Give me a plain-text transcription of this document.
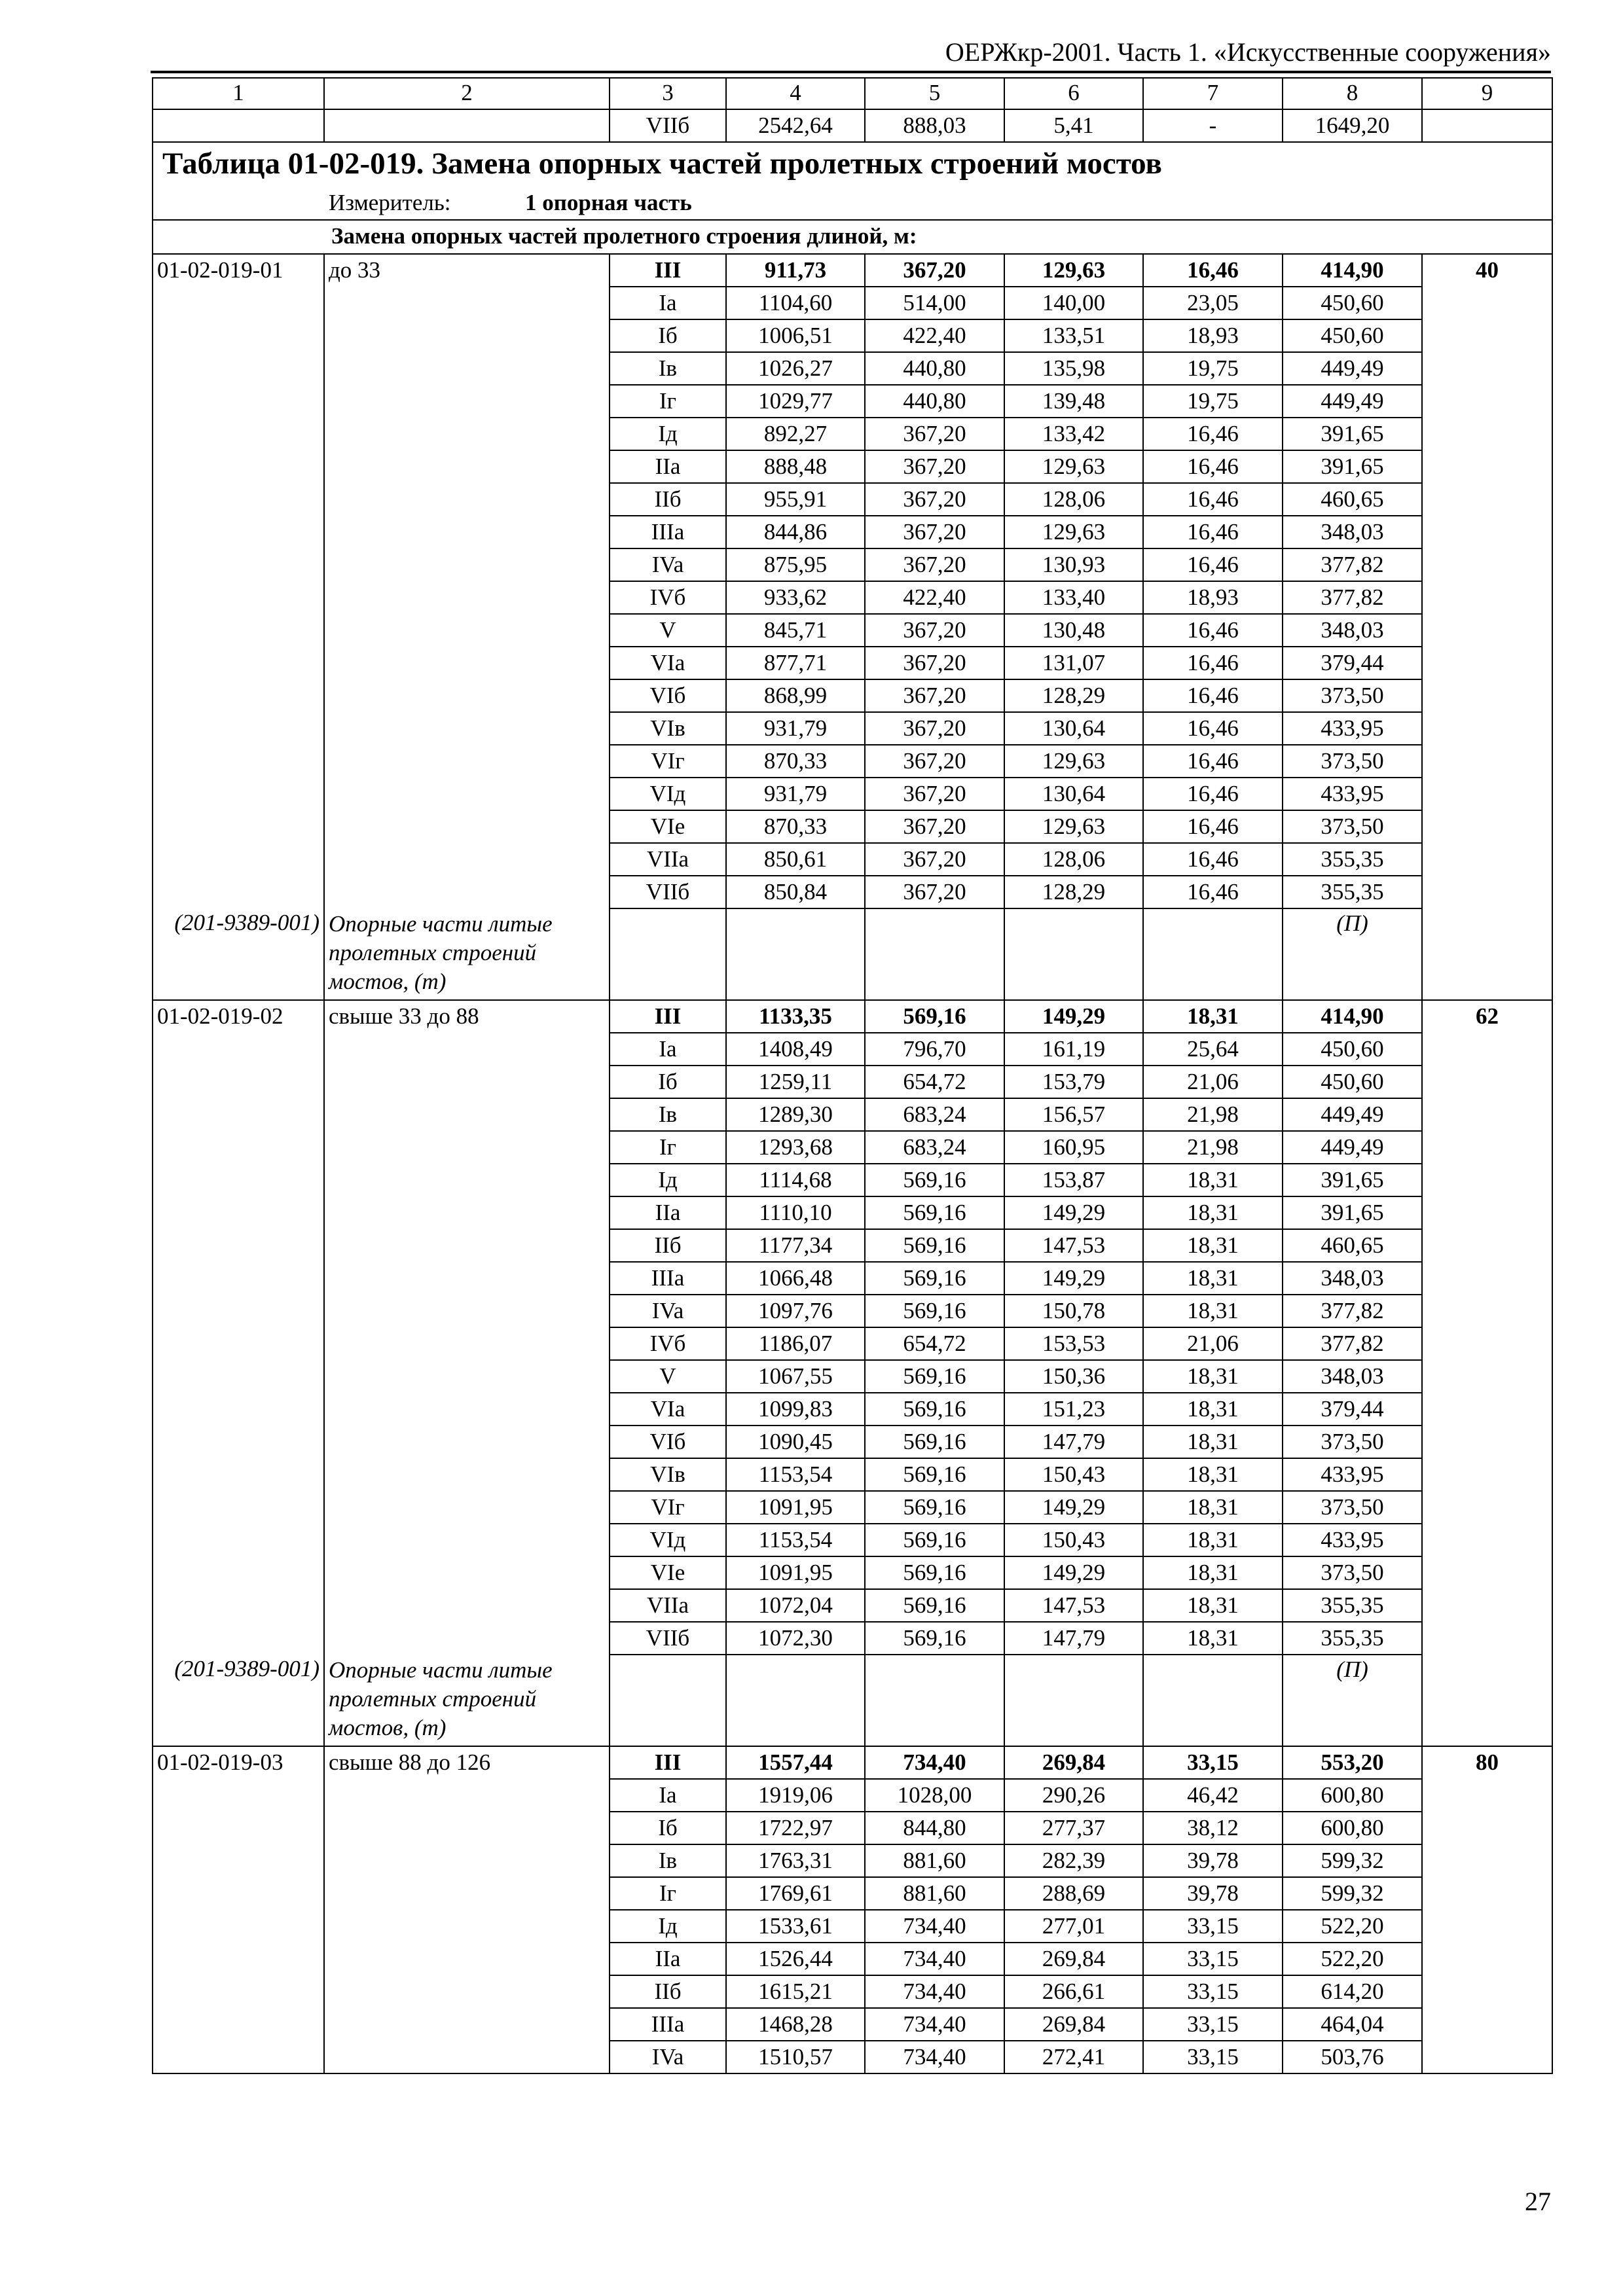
ОЕРЖкр-2001. Часть 1. «Искусственные сооружения»
1	2	3	4	5	6	7	8	9
		VIIб	2542,64	888,03	5,41	-	1649,20	
Таблица 01-02-019. Замена опорных частей пролетных строений мостов								
Измеритель: 1 опорная часть								
Замена опорных частей пролетного строения длиной, м:								
01-02-019-01	до 33	III	911,73	367,20	129,63	16,46	414,90	40
		Ia	1104,60	514,00	140,00	23,05	450,60	
		Iб	1006,51	422,40	133,51	18,93	450,60	
		Iв	1026,27	440,80	135,98	19,75	449,49	
		Iг	1029,77	440,80	139,48	19,75	449,49	
		Iд	892,27	367,20	133,42	16,46	391,65	
		IIa	888,48	367,20	129,63	16,46	391,65	
		IIб	955,91	367,20	128,06	16,46	460,65	
		IIIa	844,86	367,20	129,63	16,46	348,03	
		IVa	875,95	367,20	130,93	16,46	377,82	
		IVб	933,62	422,40	133,40	18,93	377,82	
		V	845,71	367,20	130,48	16,46	348,03	
		VIa	877,71	367,20	131,07	16,46	379,44	
		VIб	868,99	367,20	128,29	16,46	373,50	
		VIв	931,79	367,20	130,64	16,46	433,95	
		VIг	870,33	367,20	129,63	16,46	373,50	
		VIд	931,79	367,20	130,64	16,46	433,95	
		VIe	870,33	367,20	129,63	16,46	373,50	
		VIIa	850,61	367,20	128,06	16,46	355,35	
		VIIб	850,84	367,20	128,29	16,46	355,35	
(201-9389-001)	Опорные части литые пролетных строений мостов, (т)						(П)	
01-02-019-02	свыше 33 до 88	III	1133,35	569,16	149,29	18,31	414,90	62
		Ia	1408,49	796,70	161,19	25,64	450,60	
		Iб	1259,11	654,72	153,79	21,06	450,60	
		Iв	1289,30	683,24	156,57	21,98	449,49	
		Iг	1293,68	683,24	160,95	21,98	449,49	
		Iд	1114,68	569,16	153,87	18,31	391,65	
		IIa	1110,10	569,16	149,29	18,31	391,65	
		IIб	1177,34	569,16	147,53	18,31	460,65	
		IIIa	1066,48	569,16	149,29	18,31	348,03	
		IVa	1097,76	569,16	150,78	18,31	377,82	
		IVб	1186,07	654,72	153,53	21,06	377,82	
		V	1067,55	569,16	150,36	18,31	348,03	
		VIa	1099,83	569,16	151,23	18,31	379,44	
		VIб	1090,45	569,16	147,79	18,31	373,50	
		VIв	1153,54	569,16	150,43	18,31	433,95	
		VIг	1091,95	569,16	149,29	18,31	373,50	
		VIд	1153,54	569,16	150,43	18,31	433,95	
		VIe	1091,95	569,16	149,29	18,31	373,50	
		VIIa	1072,04	569,16	147,53	18,31	355,35	
		VIIб	1072,30	569,16	147,79	18,31	355,35	
(201-9389-001)	Опорные части литые пролетных строений мостов, (т)						(П)	
01-02-019-03	свыше 88 до 126	III	1557,44	734,40	269,84	33,15	553,20	80
		Ia	1919,06	1028,00	290,26	46,42	600,80	
		Iб	1722,97	844,80	277,37	38,12	600,80	
		Iв	1763,31	881,60	282,39	39,78	599,32	
		Iг	1769,61	881,60	288,69	39,78	599,32	
		Iд	1533,61	734,40	277,01	33,15	522,20	
		IIa	1526,44	734,40	269,84	33,15	522,20	
		IIб	1615,21	734,40	266,61	33,15	614,20	
		IIIa	1468,28	734,40	269,84	33,15	464,04	
		IVa	1510,57	734,40	272,41	33,15	503,76	
27
